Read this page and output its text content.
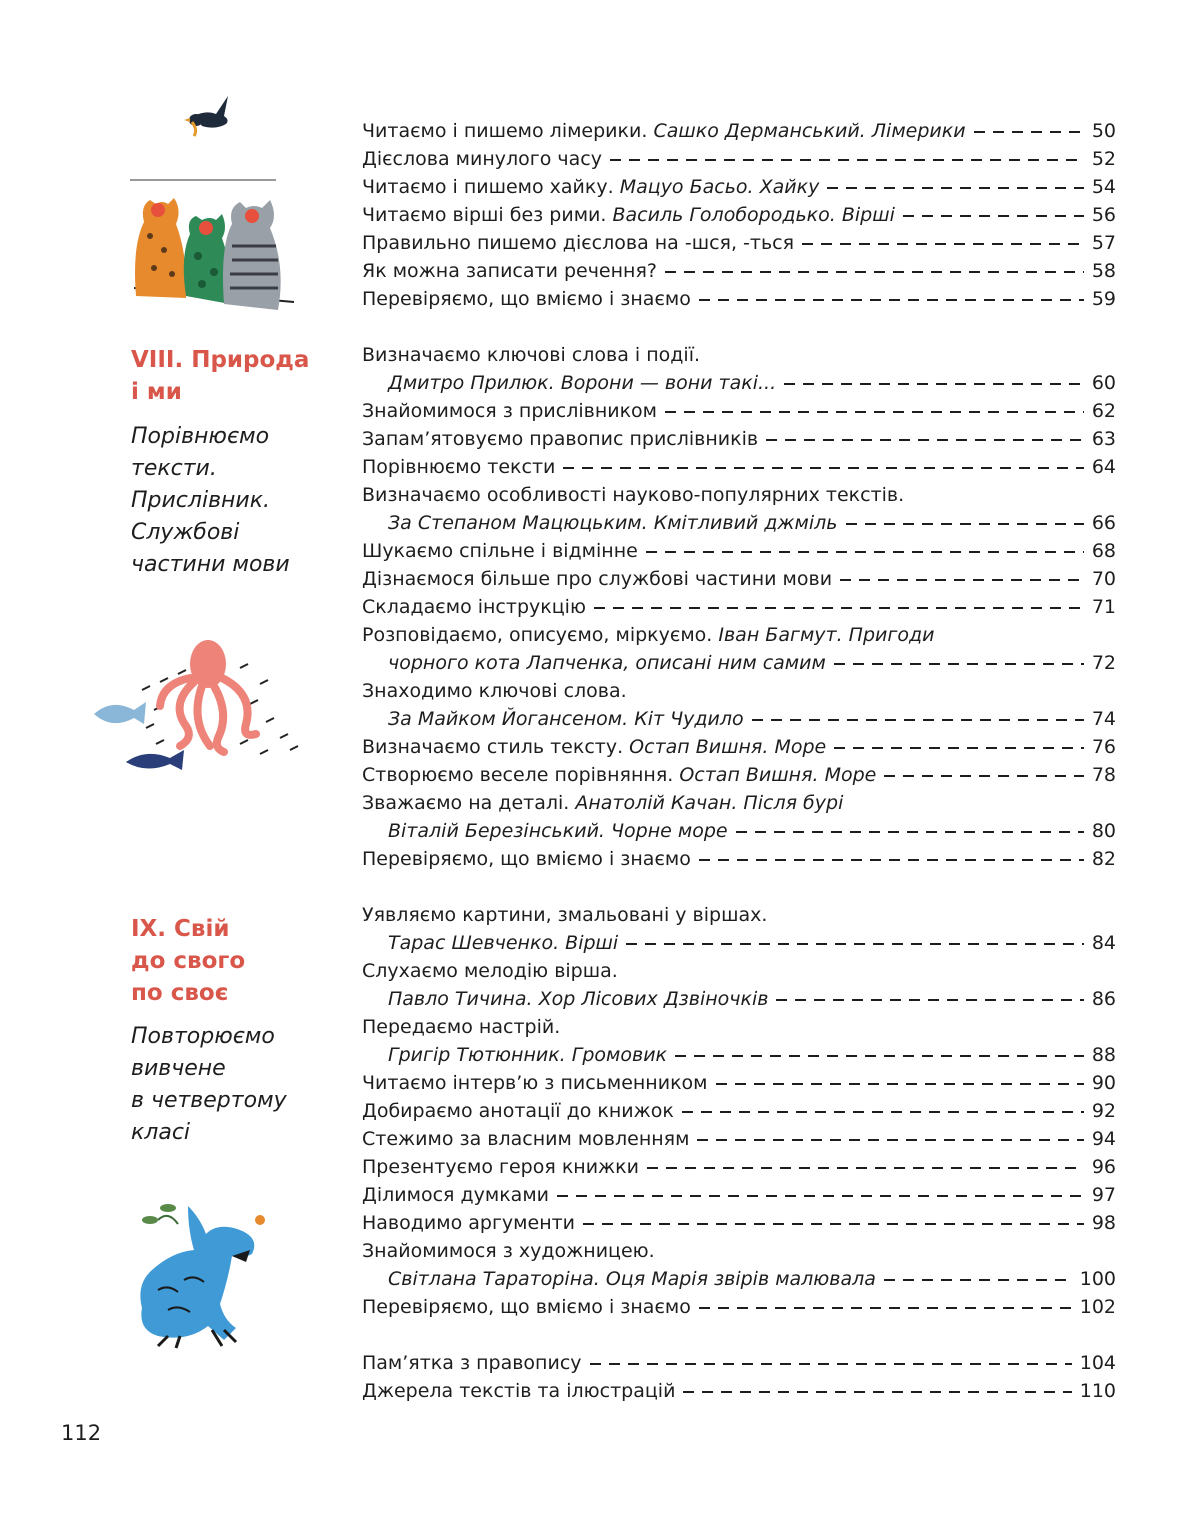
VIII. Природа
і ми
Порівнюємо
тексти.
Прислівник.
Службові
частини мови
IX. Свій
до свого
по своє
Повторюємо
вивчене
в четвертому
класі
Читаємо і пишемо лімерики. Сашко Дерманський. Лімерики	50
Дієслова минулого часу	52
Читаємо і пишемо хайку. Мацуо Басьо. Хайку	54
Читаємо вірші без рими. Василь Голобородько. Вірші	56
Правильно пишемо дієслова на -шся, -ться	57
Як можна записати речення?	58
Перевіряємо, що вміємо і знаємо	59
Визначаємо ключові слова і події.
Дмитро Прилюк. Ворони — вони такі...	60
Знайомимося з прислівником	62
Запам’ятовуємо правопис прислівників	63
Порівнюємо тексти	64
Визначаємо особливості науково-популярних текстів.
За Степаном Мацюцьким. Кмітливий джміль	66
Шукаємо спільне і відмінне	68
Дізнаємося більше про службові частини мови	70
Складаємо інструкцію	71
Розповідаємо, описуємо, міркуємо. Іван Багмут. Пригоди
чорного кота Лапченка, описані ним самим	72
Знаходимо ключові слова.
За Майком Йогансеном. Кіт Чудило	74
Визначаємо стиль тексту. Остап Вишня. Море	76
Створюємо веселе порівняння. Остап Вишня. Море	78
Зважаємо на деталі. Анатолій Качан. Після бурі
Віталій Березінський. Чорне море	80
Перевіряємо, що вміємо і знаємо	82
Уявляємо картини, змальовані у віршах.
Тарас Шевченко. Вірші	84
Слухаємо мелодію вірша.
Павло Тичина. Хор Лісових Дзвіночків	86
Передаємо настрій.
Григір Тютюнник. Громовик	88
Читаємо інтерв’ю з письменником	90
Добираємо анотації до книжок	92
Стежимо за власним мовленням	94
Презентуємо героя книжки	96
Ділимося думками	97
Наводимо аргументи	98
Знайомимося з художницею.
Світлана Тараторіна. Оця Марія звірів малювала	100
Перевіряємо, що вміємо і знаємо	102
Пам’ятка з правопису	104
Джерела текстів та ілюстрацій	110
112
